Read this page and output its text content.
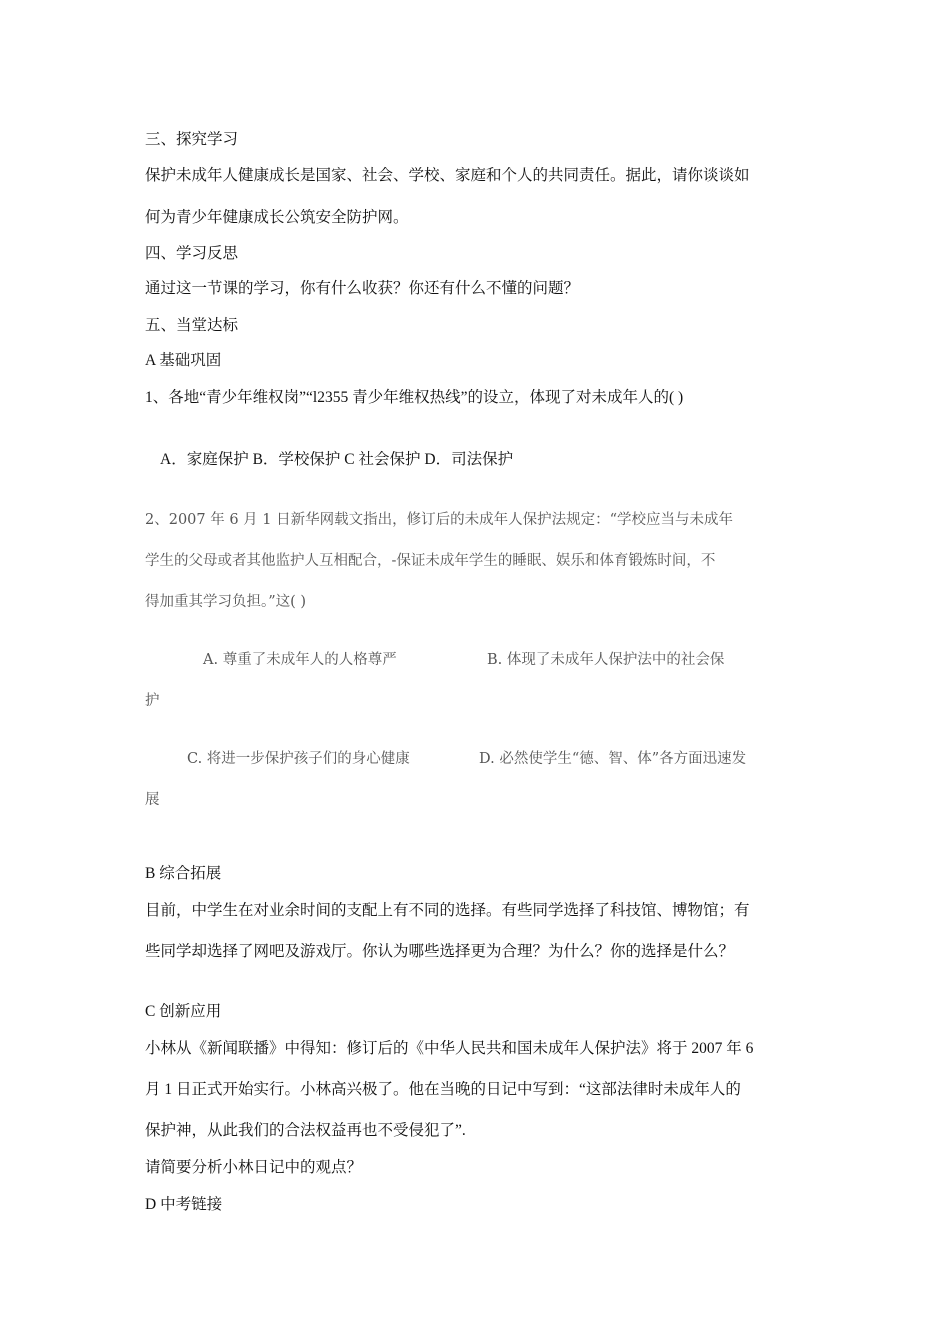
三、探究学习
保护未成年人健康成长是国家、社会、学校、家庭和个人的共同责任。据此，请你谈谈如
何为青少年健康成长公筑安全防护网。
四、学习反思
通过这一节课的学习，你有什么收获？你还有什么不懂的问题？
五、当堂达标
A 基础巩固
1、各地“青少年维权岗”“l2355 青少年维权热线”的设立，体现了对未成年人的( )
A．家庭保护 B．学校保护 C 社会保护 D．司法保护
2、2007 年 6 月 1 日新华网载文指出，修订后的未成年人保护法规定：“学校应当与未成年
学生的父母或者其他监护人互相配合，-保证未成年学生的睡眠、娱乐和体育锻炼时间，不
得加重其学习负担。”这( )
A. 尊重了未成年人的人格尊严	B. 体现了未成年人保护法中的社会保
护
C. 将进一步保护孩子们的身心健康	D. 必然使学生“德、智、体”各方面迅速发
展
B 综合拓展
目前，中学生在对业余时间的支配上有不同的选择。有些同学选择了科技馆、博物馆；有
些同学却选择了网吧及游戏厅。你认为哪些选择更为合理？为什么？你的选择是什么？
C 创新应用
小林从《新闻联播》中得知：修订后的《中华人民共和国未成年人保护法》将于 2007 年 6
月 1 日正式开始实行。小林高兴极了。他在当晚的日记中写到：“这部法律时未成年人的
保护神，从此我们的合法权益再也不受侵犯了”.
请简要分析小林日记中的观点？
D 中考链接
